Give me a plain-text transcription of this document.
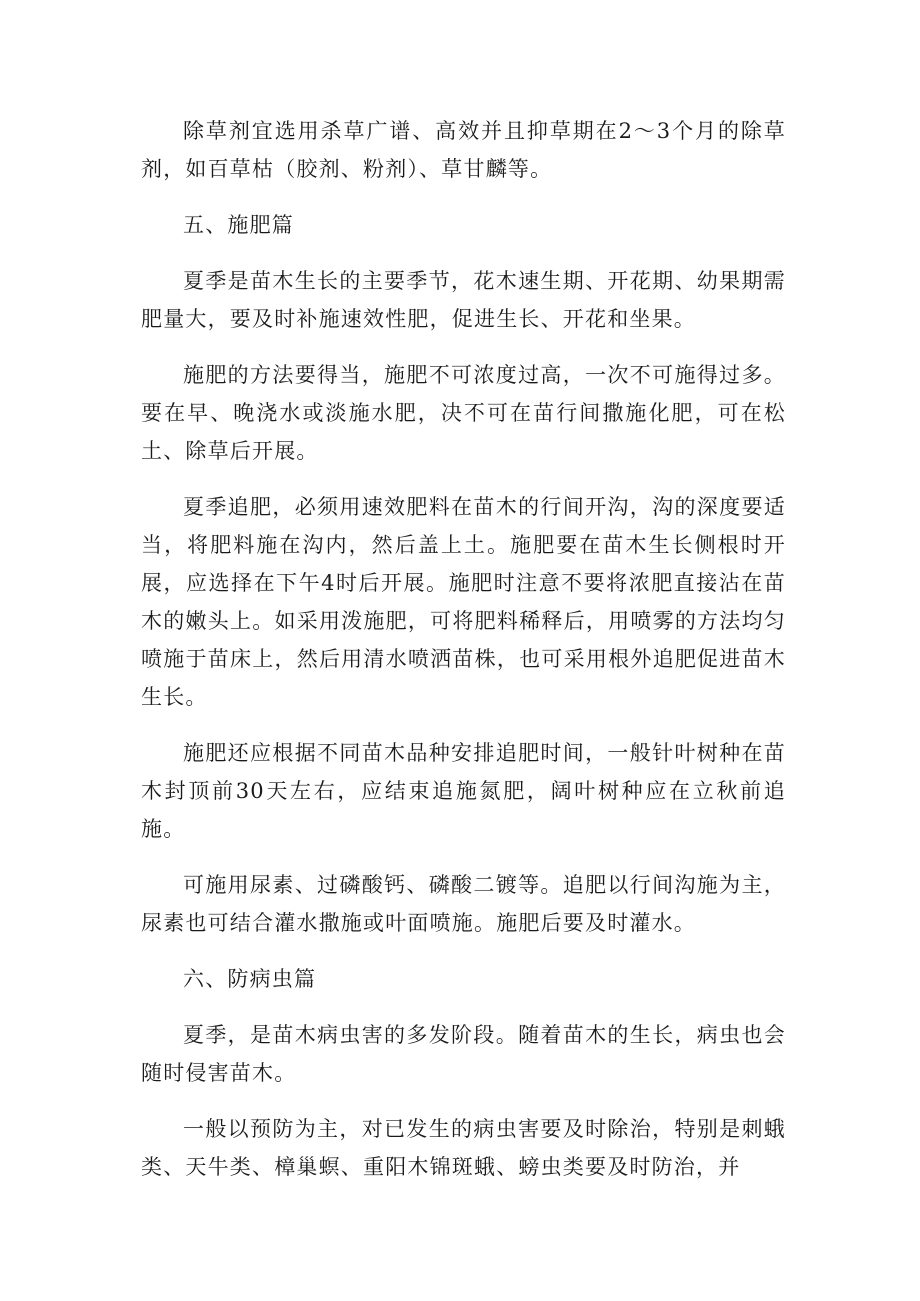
除草剂宜选用杀草广谱、高效并且抑草期在2～3个月的除草剂，如百草枯（胶剂、粉剂）、草甘麟等。

五、施肥篇

夏季是苗木生长的主要季节，花木速生期、开花期、幼果期需肥量大，要及时补施速效性肥，促进生长、开花和坐果。

施肥的方法要得当，施肥不可浓度过高，一次不可施得过多。要在早、晚浇水或淡施水肥，决不可在苗行间撒施化肥，可在松土、除草后开展。

夏季追肥，必须用速效肥料在苗木的行间开沟，沟的深度要适当，将肥料施在沟内，然后盖上土。施肥要在苗木生长侧根时开展，应选择在下午4时后开展。施肥时注意不要将浓肥直接沾在苗木的嫩头上。如采用泼施肥，可将肥料稀释后，用喷雾的方法均匀喷施于苗床上，然后用清水喷洒苗株，也可采用根外追肥促进苗木生长。

施肥还应根据不同苗木品种安排追肥时间，一般针叶树种在苗木封顶前30天左右，应结束追施氮肥，阔叶树种应在立秋前追施。

可施用尿素、过磷酸钙、磷酸二镀等。追肥以行间沟施为主，尿素也可结合灌水撒施或叶面喷施。施肥后要及时灌水。

六、防病虫篇

夏季，是苗木病虫害的多发阶段。随着苗木的生长，病虫也会随时侵害苗木。

一般以预防为主，对已发生的病虫害要及时除治，特别是刺蛾类、天牛类、樟巢螟、重阳木锦斑蛾、螃虫类要及时防治，并
